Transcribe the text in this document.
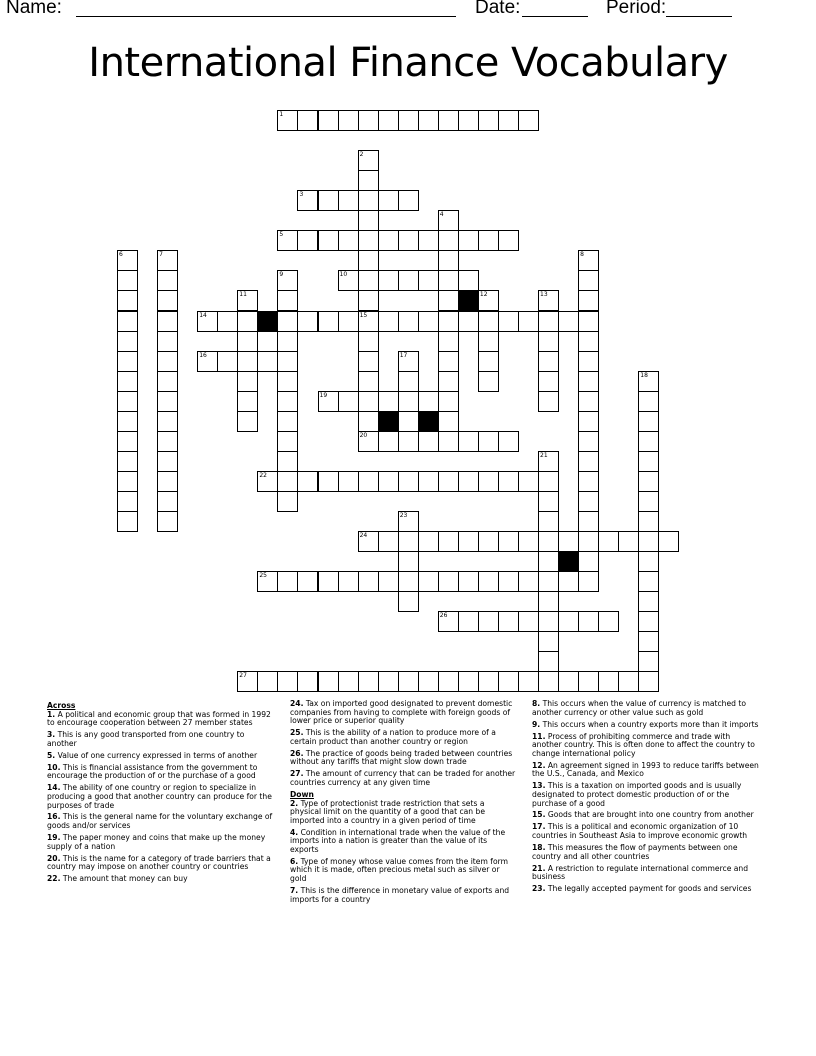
Name:	Date:	Period:
International Finance Vocabulary
1
2
15
3
4
5
6	7	8
9	10
11	12	13
14
20
16	17
18
19
21
22
23
24
25
26
27
Across
1. A political and economic group that was formed in 1992 to encourage cooperation between 27 member states
3. This is any good transported from one country to another
5. Value of one currency expressed in terms of another
10. This is financial assistance from the government to encourage the production of or the purchase of a good
14. The ability of one country or region to specialize in producing a good that another country can produce for the purposes of trade
16. This is the general name for the voluntary exchange of goods and/or services
19. The paper money and coins that make up the money supply of a nation
20. This is the name for a category of trade barriers that a country may impose on another country or countries
22. The amount that money can buy
24. Tax on imported good designated to prevent domestic companies from having to complete with foreign goods of lower price or superior quality
25. This is the ability of a nation to produce more of a certain product than another country or region
26. The practice of goods being traded between countries without any tariffs that might slow down trade
27. The amount of currency that can be traded for another countries currency at any given time
Down
2. Type of protectionist trade restriction that sets a physical limit on the quantity of a good that can be imported into a country in a given period of time
4. Condition in international trade when the value of the imports into a nation is greater than the value of its exports
6. Type of money whose value comes from the item form which it is made, often precious metal such as silver or gold
7. This is the difference in monetary value of exports and imports for a country
8. This occurs when the value of currency is matched to another currency or other value such as gold
9. This occurs when a country exports more than it imports
11. Process of prohibiting commerce and trade with another country. This is often done to affect the country to change international policy
12. An agreement signed in 1993 to reduce tariffs between the U.S., Canada, and Mexico
13. This is a taxation on imported goods and is usually designated to protect domestic production of or the purchase of a good
15. Goods that are brought into one country from another
17. This is a political and economic organization of 10 countries in Southeast Asia to improve economic growth
18. This measures the flow of payments between one country and all other countries
21. A restriction to regulate international commerce and business
23. The legally accepted payment for goods and services
